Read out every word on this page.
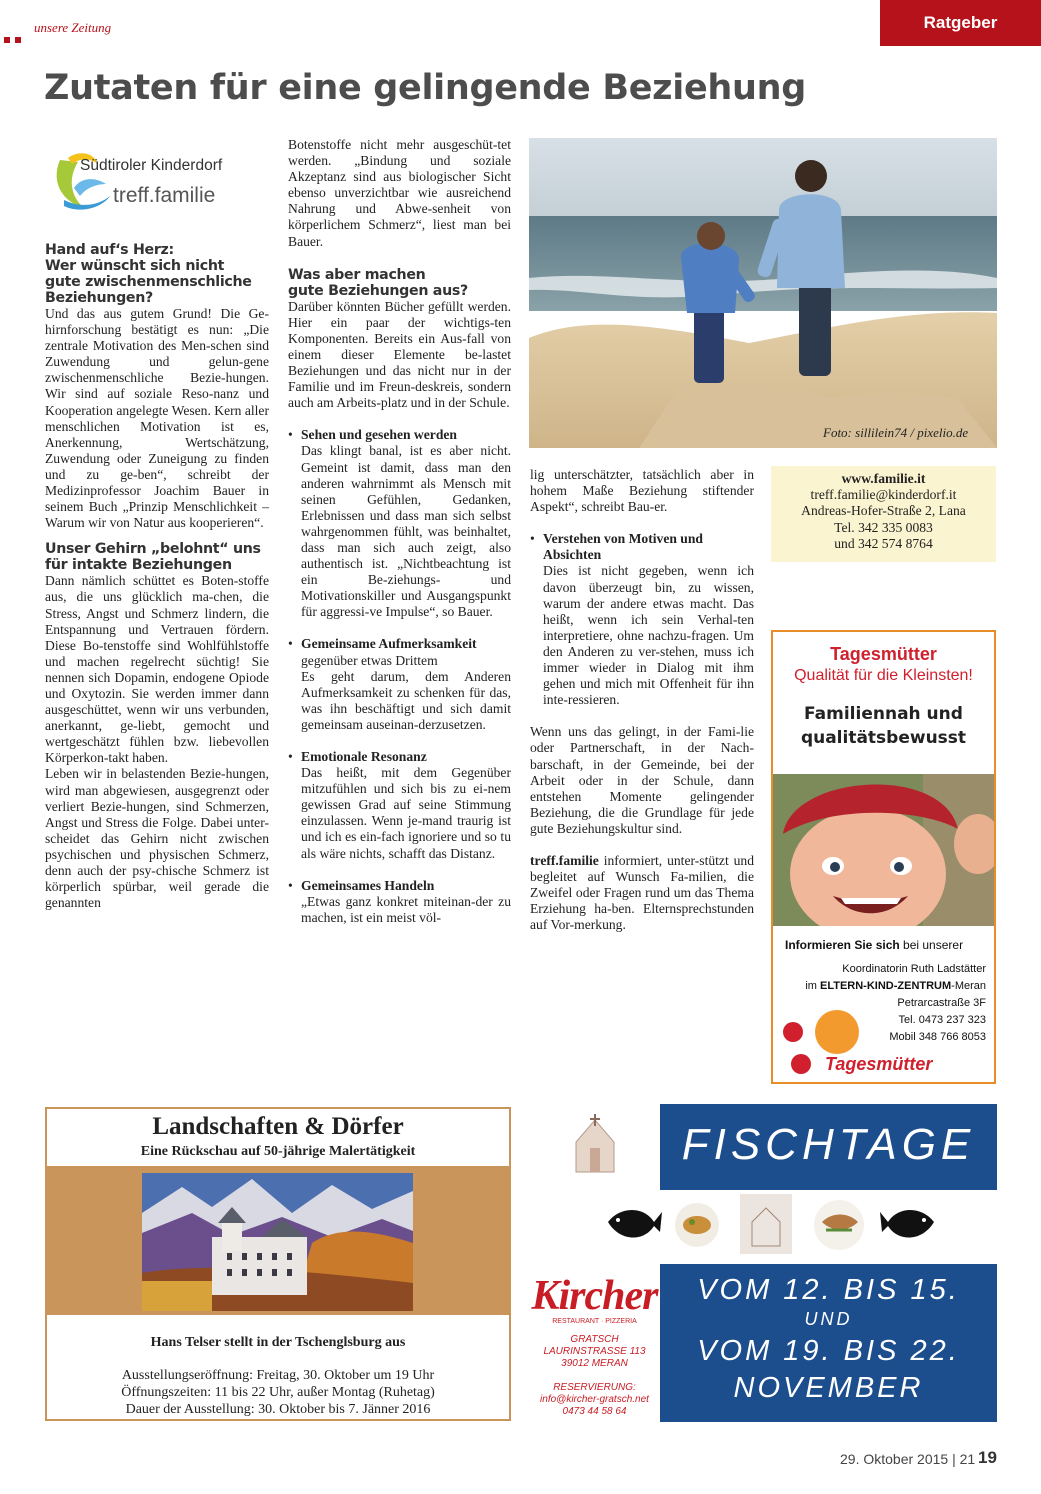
unsere Zeitung	Ratgeber
Zutaten für eine gelingende Beziehung
Südtiroler Kinderdorf
treff.familie
Hand auf‘s Herz:
Wer wünscht sich nicht
gute zwischenmenschliche
Beziehungen?

Und das aus gutem Grund! Die Ge-hirnforschung bestätigt es nun: „Die zentrale Motivation des Men-schen sind Zuwendung und gelun-gene zwischenmenschliche Bezie-hungen. Wir sind auf soziale Reso-nanz und Kooperation angelegte Wesen. Kern aller menschlichen Motivation ist es, Anerkennung, Wertschätzung, Zuwendung oder Zuneigung zu finden und zu ge-ben“, schreibt der Medizinprofessor Joachim Bauer in seinem Buch „Prinzip Menschlichkeit – Warum wir von Natur aus kooperieren“.

Unser Gehirn „belohnt“ uns
für intakte Beziehungen

Dann nämlich schüttet es Boten-stoffe aus, die uns glücklich ma-chen, die Stress, Angst und Schmerz lindern, die Entspannung und Vertrauen fördern. Diese Bo-tenstoffe sind Wohlfühlstoffe und machen regelrecht süchtig! Sie nennen sich Dopamin, endogene Opiode und Oxytozin. Sie werden immer dann ausgeschüttet, wenn wir uns verbunden, anerkannt, ge-liebt, gemocht und wertgeschätzt fühlen bzw. liebevollen Körperkon-takt haben.

Leben wir in belastenden Bezie-hungen, wird man abgewiesen, ausgegrenzt oder verliert Bezie-hungen, sind Schmerzen, Angst und Stress die Folge. Dabei unter-scheidet das Gehirn nicht zwischen psychischen und physischen Schmerz, denn auch der psy-chische Schmerz ist körperlich spürbar, weil gerade die genannten

Botenstoffe nicht mehr ausgeschüt-tet werden. „Bindung und soziale Akzeptanz sind aus biologischer Sicht ebenso unverzichtbar wie ausreichend Nahrung und Abwe-senheit von körperlichem Schmerz“, liest man bei Bauer.

Was aber machen
gute Beziehungen aus?

Darüber könnten Bücher gefüllt werden. Hier ein paar der wichtigs-ten Komponenten. Bereits ein Aus-fall von einem dieser Elemente be-lastet Beziehungen und das nicht nur in der Familie und im Freun-deskreis, sondern auch am Arbeits-platz und in der Schule.

• Sehen und gesehen werden
Das klingt banal, ist es aber nicht. Gemeint ist damit, dass man den anderen wahrnimmt als Mensch mit seinen Gefühlen, Gedanken, Erlebnissen und dass man sich selbst wahrgenommen fühlt, was beinhaltet, dass man sich auch zeigt, also authentisch ist. „Nichtbeachtung ist ein Be-ziehungs- und Motivationskiller und Ausgangspunkt für aggressi-ve Impulse“, so Bauer.
• Gemeinsame Aufmerksamkeit
gegenüber etwas Drittem
Es geht darum, dem Anderen Aufmerksamkeit zu schenken für das, was ihn beschäftigt und sich damit gemeinsam auseinan-derzusetzen.
• Emotionale Resonanz
Das heißt, mit dem Gegenüber mitzufühlen und sich bis zu ei-nem gewissen Grad auf seine Stimmung einzulassen. Wenn je-mand traurig ist und ich es ein-fach ignoriere und so tu als wäre nichts, schafft das Distanz.
• Gemeinsames Handeln
„Etwas ganz konkret miteinan-der zu machen, ist ein meist völ-

lig unterschätzter, tatsächlich aber in hohem Maße Beziehung stiftender Aspekt“, schreibt Bau-er.

• Verstehen von Motiven und Absichten
Dies ist nicht gegeben, wenn ich davon überzeugt bin, zu wissen, warum der andere etwas macht. Das heißt, wenn ich sein Verhal-ten interpretiere, ohne nachzu-fragen. Um den Anderen zu ver-stehen, muss ich immer wieder in Dialog mit ihm gehen und mich mit Offenheit für ihn inte-ressieren.

Wenn uns das gelingt, in der Fami-lie oder Partnerschaft, in der Nach-barschaft, in der Gemeinde, bei der Arbeit oder in der Schule, dann entstehen Momente gelingender Beziehung, die die Grundlage für jede gute Beziehungskultur sind.

treff.familie informiert, unter-stützt und begleitet auf Wunsch Fa-milien, die Zweifel oder Fragen rund um das Thema Erziehung ha-ben. Elternsprechstunden auf Vor-merkung.

Foto: sillilein74 / pixelio.de
www.familie.it
treff.familie@kinderdorf.it
Andreas-Hofer-Straße 2, Lana
Tel. 342 335 0083
und 342 574 8764
Tagesmütter
Qualität für die Kleinsten!
Familiennah und
qualitätsbewusst
Informieren Sie sich bei unserer
Koordinatorin Ruth Ladstätter
im ELTERN-KIND-ZENTRUM-Meran
Petrarcastraße 3F
Tel. 0473 237 323
Mobil 348 766 8053
Tagesmütter
Landschaften & Dörfer
Eine Rückschau auf 50-jährige Malertätigkeit
Hans Telser stellt in der Tschenglsburg aus
Ausstellungseröffnung: Freitag, 30. Oktober um 19 Uhr
Öffnungszeiten: 11 bis 22 Uhr, außer Montag (Ruhetag)
Dauer der Ausstellung: 30. Oktober bis 7. Jänner 2016
FISCHTAGE
VOM 12. BIS 15.
UND
VOM 19. BIS 22.
NOVEMBER
Kircher
RESTAURANT · PIZZERIA
GRATSCH
LAURINSTRASSE 113
39012 MERAN
RESERVIERUNG:
info@kircher-gratsch.net
0473 44 58 64
29. Oktober 2015 | 21 19
